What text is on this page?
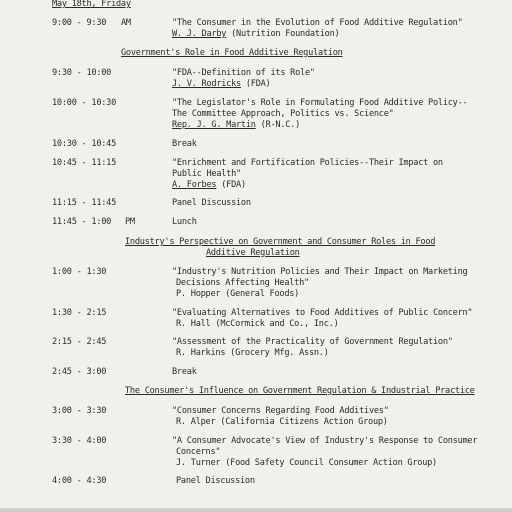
May 18th, Friday
9:00 - 9:30 AM	"The Consumer in the Evolution of Food Additive Regulation"
W. J. Darby (Nutrition Foundation)
Government's Role in Food Additive Regulation
9:30 - 10:00	"FDA--Definition of its Role"
J. V. Rodricks (FDA)
10:00 - 10:30	"The Legislator's Role in Formulating Food Additive Policy--
The Committee Approach, Politics vs. Science"
Rep. J. G. Martin (R-N.C.)
10:30 - 10:45	Break
10:45 - 11:15	"Enrichment and Fortification Policies--Their Impact on
Public Health"
A. Forbes (FDA)
11:15 - 11:45	Panel Discussion
11:45 - 1:00 PM	Lunch
Industry's Perspective on Government and Consumer Roles in Food
Additive Regulation
1:00 - 1:30	"Industry's Nutrition Policies and Their Impact on Marketing
Decisions Affecting Health"
P. Hopper (General Foods)
1:30 - 2:15	"Evaluating Alternatives to Food Additives of Public Concern"
R. Hall (McCormick and Co., Inc.)
2:15 - 2:45	"Assessment of the Practicality of Government Regulation"
R. Harkins (Grocery Mfg. Assn.)
2:45 - 3:00	Break
The Consumer's Influence on Government Regulation & Industrial Practice
3:00 - 3:30	"Consumer Concerns Regarding Food Additives"
R. Alper (California Citizens Action Group)
3:30 - 4:00	"A Consumer Advocate's View of Industry's Response to Consumer
Concerns"
J. Turner (Food Safety Council Consumer Action Group)
4:00 - 4:30	Panel Discussion
